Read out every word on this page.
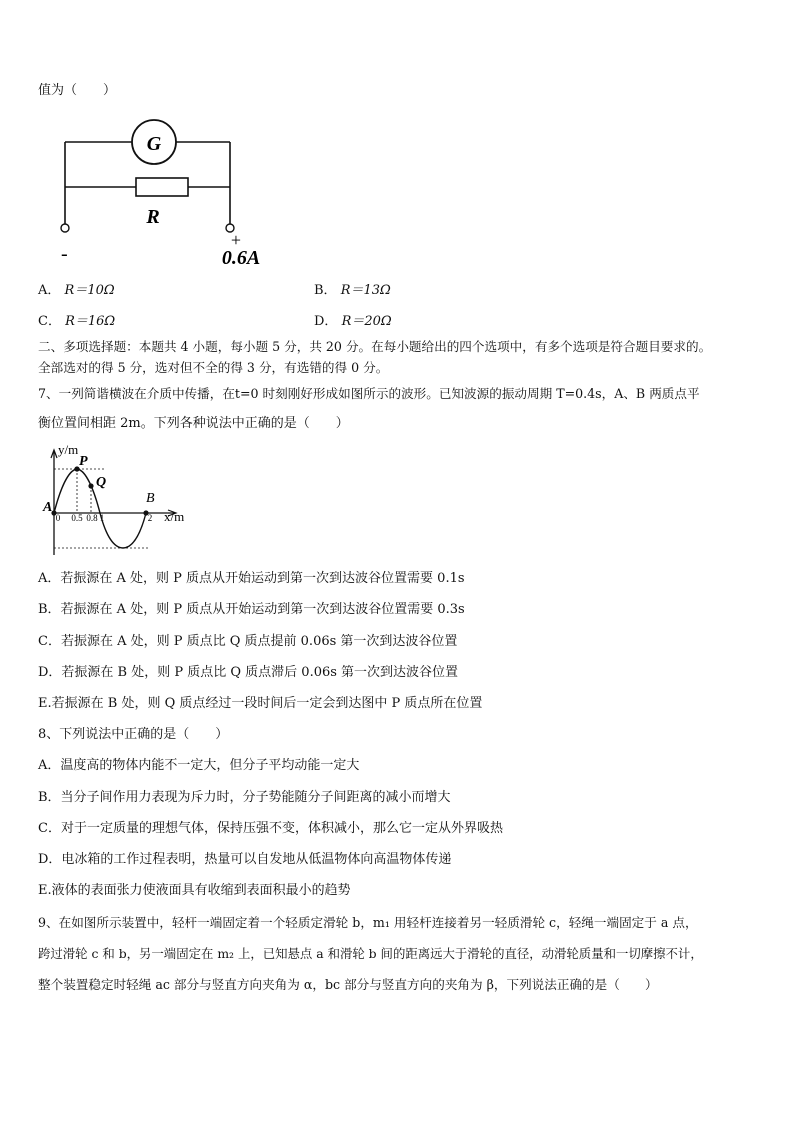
值为（　　）
G
R
-
+
0.6A
A． R＝10Ω	B． R＝13Ω
C． R＝16Ω	D． R＝20Ω
二、多项选择题：本题共 4 小题，每小题 5 分，共 20 分。在每小题给出的四个选项中，有多个选项是符合题目要求的。
全部选对的得 5 分，选对但不全的得 3 分，有选错的得 0 分。
7、一列简谐横波在介质中传播，在t=0 时刻刚好形成如图所示的波形。已知波源的振动周期 T=0.4s，A、B 两质点平
衡位置间相距 2m。下列各种说法中正确的是（　　）
y/m
x/m
P
Q
A
B
0 0.5 0.8 1	2
A．若振源在 A 处，则 P 质点从开始运动到第一次到达波谷位置需要 0.1s
B．若振源在 A 处，则 P 质点从开始运动到第一次到达波谷位置需要 0.3s
C．若振源在 A 处，则 P 质点比 Q 质点提前 0.06s 第一次到达波谷位置
D．若振源在 B 处，则 P 质点比 Q 质点滞后 0.06s 第一次到达波谷位置
E.若振源在 B 处，则 Q 质点经过一段时间后一定会到达图中 P 质点所在位置
8、下列说法中正确的是（　　）
A．温度高的物体内能不一定大，但分子平均动能一定大
B．当分子间作用力表现为斥力时，分子势能随分子间距离的减小而增大
C．对于一定质量的理想气体，保持压强不变，体积减小，那么它一定从外界吸热
D．电冰箱的工作过程表明，热量可以自发地从低温物体向高温物体传递
E.液体的表面张力使液面具有收缩到表面积最小的趋势
9、在如图所示装置中，轻杆一端固定着一个轻质定滑轮 b，m₁ 用轻杆连接着另一轻质滑轮 c，轻绳一端固定于 a 点，
跨过滑轮 c 和 b，另一端固定在 m₂ 上，已知悬点 a 和滑轮 b 间的距离远大于滑轮的直径，动滑轮质量和一切摩擦不计，
整个装置稳定时轻绳 ac 部分与竖直方向夹角为 α，bc 部分与竖直方向的夹角为 β，下列说法正确的是（　　）
